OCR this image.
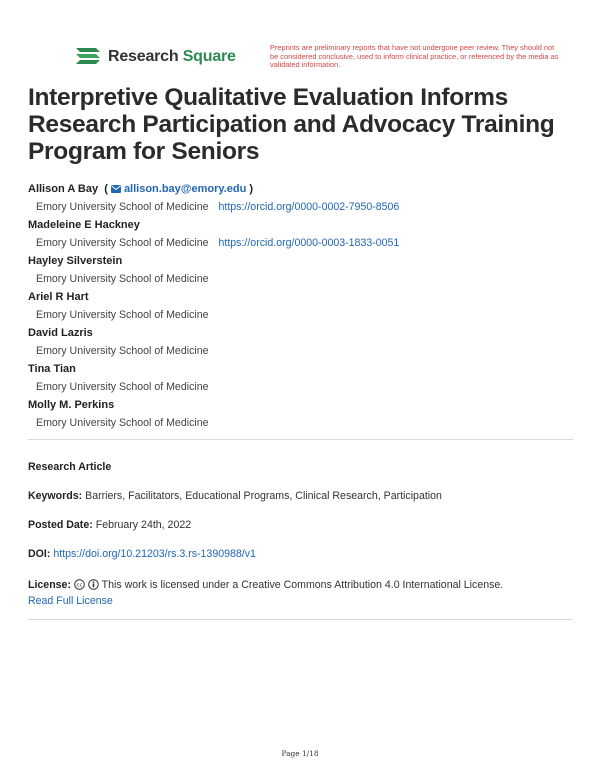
Research Square
Preprints are preliminary reports that have not undergone peer review. They should not be considered conclusive, used to inform clinical practice, or referenced by the media as validated information.
Interpretive Qualitative Evaluation Informs Research Participation and Advocacy Training Program for Seniors
Allison A Bay  ( allison.bay@emory.edu )
Emory University School of Medicine https://orcid.org/0000-0002-7950-8506
Madeleine E Hackney
Emory University School of Medicine https://orcid.org/0000-0003-1833-0051
Hayley Silverstein
Emory University School of Medicine
Ariel R Hart
Emory University School of Medicine
David Lazris
Emory University School of Medicine
Tina Tian
Emory University School of Medicine
Molly M. Perkins
Emory University School of Medicine
Research Article
Keywords: Barriers, Facilitators, Educational Programs, Clinical Research, Participation
Posted Date: February 24th, 2022
DOI: https://doi.org/10.21203/rs.3.rs-1390988/v1
License: cc This work is licensed under a Creative Commons Attribution 4.0 International License.
Read Full License
Page 1/18
